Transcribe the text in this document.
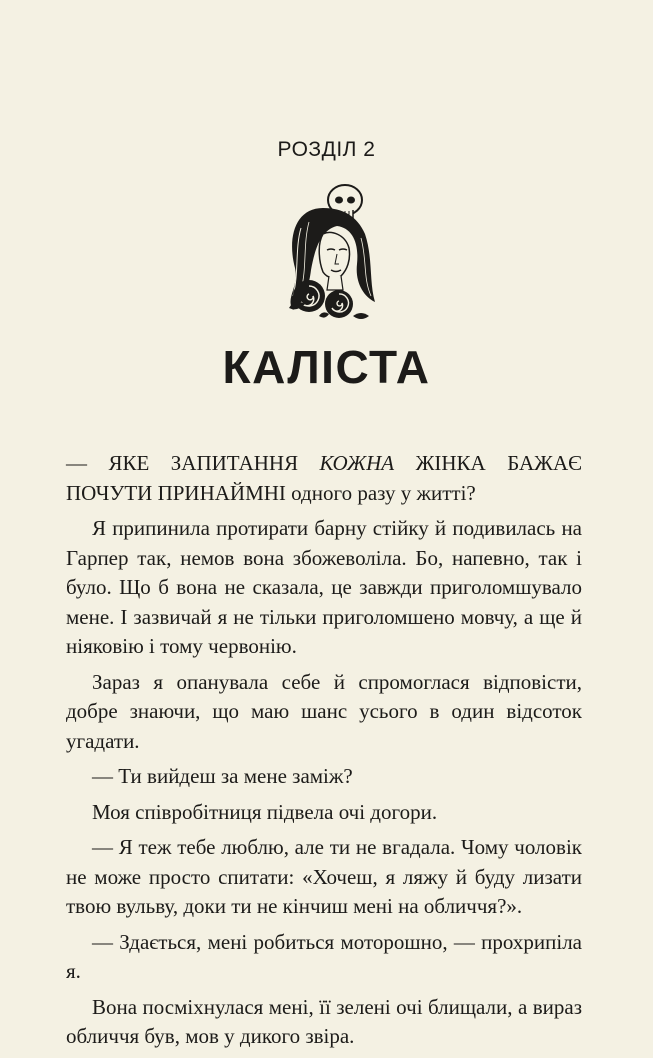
РОЗДІЛ 2
КАЛІСТА

— ЯКЕ ЗАПИТАННЯ КОЖНА ЖІНКА БАЖАЄ ПОЧУТИ ПРИНАЙМНІ одного разу у житті?

Я припинила протирати барну стійку й подивилась на Гарпер так, немов вона збожеволіла. Бо, напевно, так і було. Що б вона не сказала, це завжди приголомшувало мене. І зазвичай я не тільки приголомшено мовчу, а ще й ніяковію і тому червонію.

Зараз я опанувала себе й спромоглася відповісти, добре знаючи, що маю шанс усього в один відсоток угадати.

— Ти вийдеш за мене заміж?

Моя співробітниця підвела очі догори.

— Я теж тебе люблю, але ти не вгадала. Чому чоловік не може просто спитати: «Хочеш, я ляжу й буду лизати твою вульву, доки ти не кінчиш мені на обличчя?».

— Здається, мені робиться моторошно, — прохрипіла я.

Вона посміхнулася мені, її зелені очі блищали, а вираз обличчя був, мов у дикого звіра.
